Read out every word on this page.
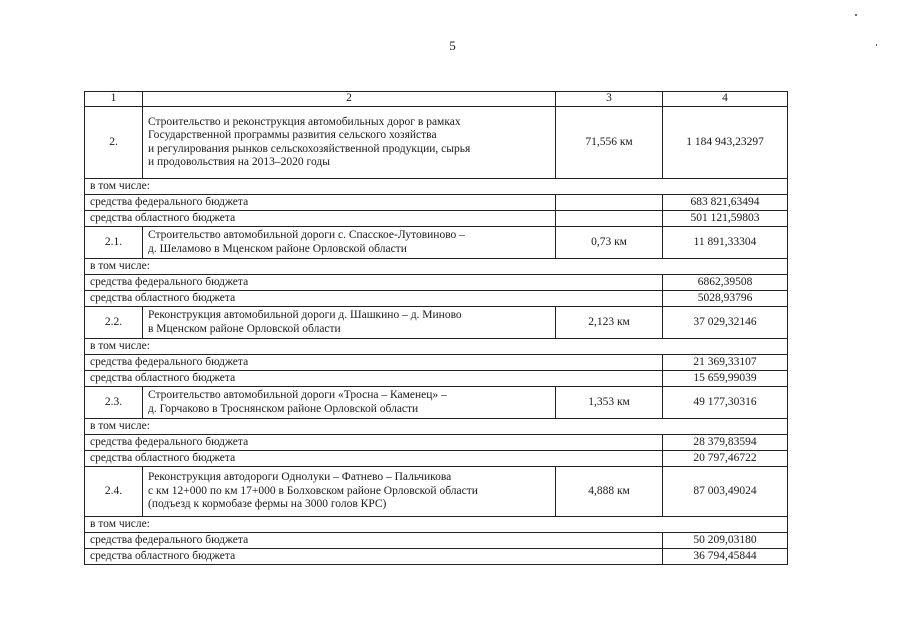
5
1	2	3	4
2.	Строительство и реконструкция автомобильных дорог в рамках
Государственной программы развития сельского хозяйства
и регулирования рынков сельскохозяйственной продукции, сырья
и продовольствия на 2013–2020 годы	71,556 км	1 184 943,23297
в том числе:			
средства федерального бюджета			683 821,63494
средства областного бюджета			501 121,59803
2.1.	Строительство автомобильной дороги с. Спасское-Лутовиново –
д. Шеламово в Мценском районе Орловской области	0,73 км	11 891,33304
в том числе:			
средства федерального бюджета			6862,39508
средства областного бюджета			5028,93796
2.2.	Реконструкция автомобильной дороги д. Шашкино – д. Миново
в Мценском районе Орловской области	2,123 км	37 029,32146
в том числе:			
средства федерального бюджета			21 369,33107
средства областного бюджета			15 659,99039
2.3.	Строительство автомобильной дороги «Тросна – Каменец» –
д. Горчаково в Троснянском районе Орловской области	1,353 км	49 177,30316
в том числе:			
средства федерального бюджета			28 379,83594
средства областного бюджета			20 797,46722
2.4.	Реконструкция автодороги Однолуки – Фатнево – Пальчикова
с км 12+000 по км 17+000 в Болховском районе Орловской области
(подъезд к кормобазе фермы на 3000 голов КРС)	4,888 км	87 003,49024
в том числе:			
средства федерального бюджета			50 209,03180
средства областного бюджета			36 794,45844
